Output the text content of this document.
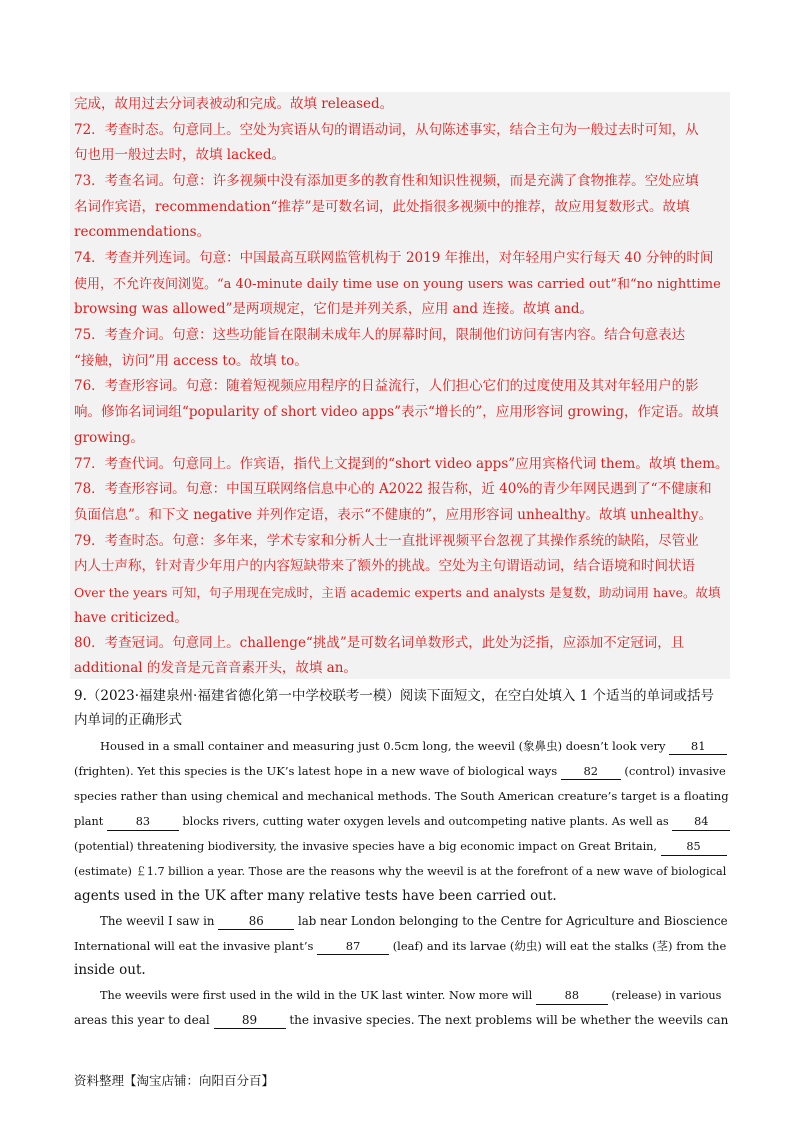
完成，故用过去分词表被动和完成。故填 released。
72．考查时态。句意同上。空处为宾语从句的谓语动词，从句陈述事实，结合主句为一般过去时可知，从
句也用一般过去时，故填 lacked。
73．考查名词。句意：许多视频中没有添加更多的教育性和知识性视频，而是充满了食物推荐。空处应填
名词作宾语，recommendation“推荐”是可数名词，此处指很多视频中的推荐，故应用复数形式。故填
recommendations。
74．考查并列连词。句意：中国最高互联网监管机构于 2019 年推出，对年轻用户实行每天 40 分钟的时间
使用，不允许夜间浏览。“a 40-minute daily time use on young users was carried out”和“no nighttime
browsing was allowed”是两项规定，它们是并列关系，应用 and 连接。故填 and。
75．考查介词。句意：这些功能旨在限制未成年人的屏幕时间，限制他们访问有害内容。结合句意表达
“接触，访问”用 access to。故填 to。
76．考查形容词。句意：随着短视频应用程序的日益流行，人们担心它们的过度使用及其对年轻用户的影
响。修饰名词词组“popularity of short video apps”表示“增长的”，应用形容词 growing，作定语。故填
growing。
77．考查代词。句意同上。作宾语，指代上文提到的“short video apps”应用宾格代词 them。故填 them。
78．考查形容词。句意：中国互联网络信息中心的 A2022 报告称，近 40%的青少年网民遇到了“不健康和
负面信息”。和下文 negative 并列作定语，表示“不健康的”，应用形容词 unhealthy。故填 unhealthy。
79．考查时态。句意：多年来，学术专家和分析人士一直批评视频平台忽视了其操作系统的缺陷，尽管业
内人士声称，针对青少年用户的内容短缺带来了额外的挑战。空处为主句谓语动词，结合语境和时间状语
Over the years 可知，句子用现在完成时，主语 academic experts and analysts 是复数，助动词用 have。故填
have criticized。
80．考查冠词。句意同上。challenge“挑战”是可数名词单数形式，此处为泛指，应添加不定冠词，且
additional 的发音是元音音素开头，故填 an。
9.（2023·福建泉州·福建省德化第一中学校联考一模）阅读下面短文，在空白处填入 1 个适当的单词或括号
内单词的正确形式
Housed in a small container and measuring just 0.5cm long, the weevil (象鼻虫) doesn’t look very 81
(frighten). Yet this species is the UK’s latest hope in a new wave of biological ways 82 (control) invasive
species rather than using chemical and mechanical methods. The South American creature’s target is a floating
plant	83	blocks rivers, cutting water oxygen levels and outcompeting native plants. As well as 84
(potential) threatening biodiversity, the invasive species have a big economic impact on Great Britain,	85
(estimate) ￡1.7 billion a year. Those are the reasons why the weevil is at the forefront of a new wave of biological
agents used in the UK after many relative tests have been carried out.
The weevil I saw in	86	lab near London belonging to the Centre for Agriculture and Bioscience
International will eat the invasive plant’s	87	(leaf) and its larvae (幼虫) will eat the stalks (茎) from the
inside out.
The weevils were first used in the wild in the UK last winter. Now more will	88	(release) in various
areas this year to deal	89	the invasive species. The next problems will be whether the weevils can
资料整理【淘宝店铺：向阳百分百】
